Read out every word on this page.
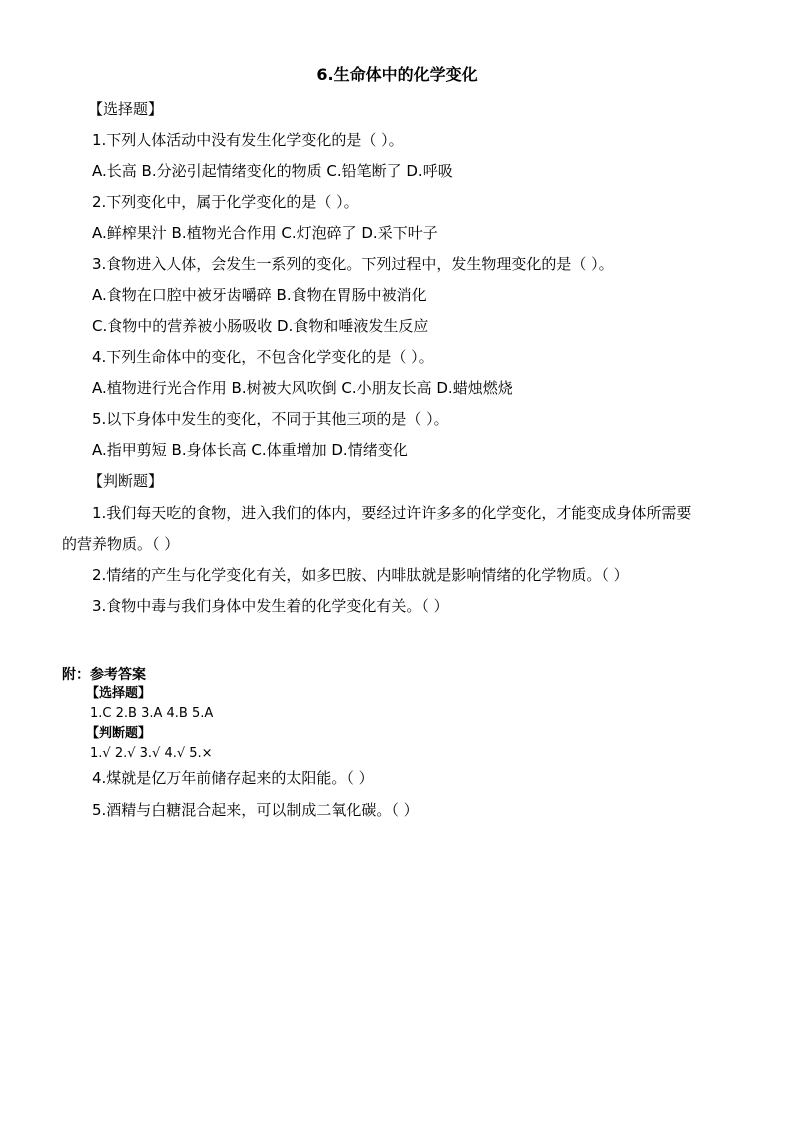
6.生命体中的化学变化
【选择题】
1.下列人体活动中没有发生化学变化的是（ ）。
A.长高 B.分泌引起情绪变化的物质 C.铅笔断了 D.呼吸
2.下列变化中，属于化学变化的是（ ）。
A.鲜榨果汁 B.植物光合作用 C.灯泡碎了 D.采下叶子
3.食物进入人体，会发生一系列的变化。下列过程中，发生物理变化的是（ ）。
A.食物在口腔中被牙齿嚼碎 B.食物在胃肠中被消化
C.食物中的营养被小肠吸收 D.食物和唾液发生反应
4.下列生命体中的变化，不包含化学变化的是（ ）。
A.植物进行光合作用 B.树被大风吹倒 C.小朋友长高 D.蜡烛燃烧
5.以下身体中发生的变化，不同于其他三项的是（ ）。
A.指甲剪短 B.身体长高 C.体重增加 D.情绪变化
【判断题】
1.我们每天吃的食物，进入我们的体内，要经过许许多多的化学变化，才能变成身体所需要
的营养物质。（ ）
2.情绪的产生与化学变化有关，如多巴胺、内啡肽就是影响情绪的化学物质。（ ）
3.食物中毒与我们身体中发生着的化学变化有关。（ ）
附：参考答案
【选择题】
1.C 2.B 3.A 4.B 5.A
【判断题】
1.√ 2.√ 3.√ 4.√ 5.×
4.煤就是亿万年前储存起来的太阳能。（ ）
5.酒精与白糖混合起来，可以制成二氧化碳。（ ）
